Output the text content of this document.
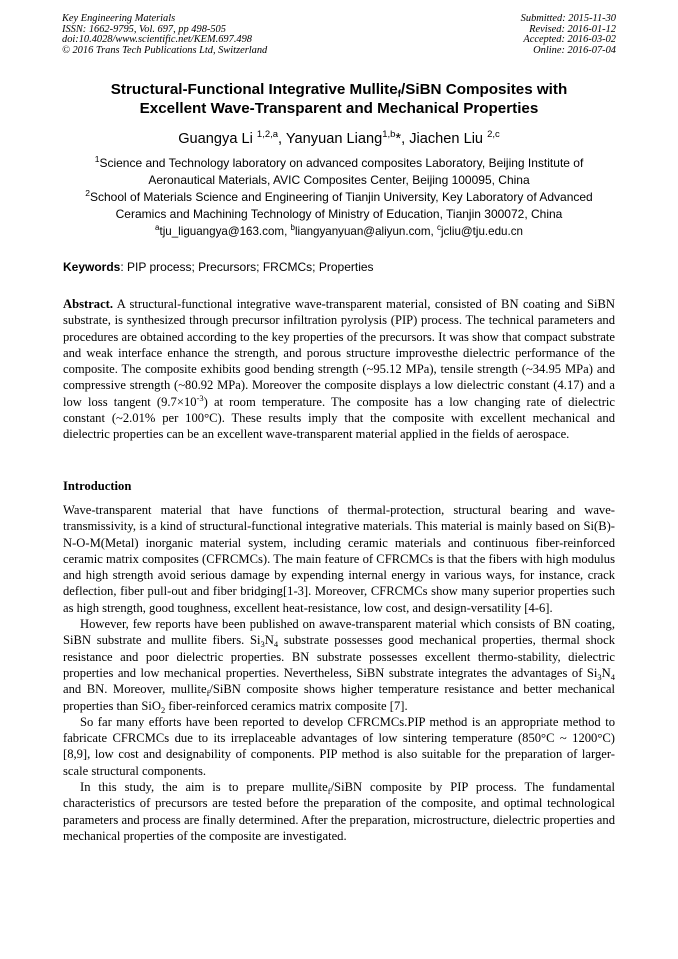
Key Engineering Materials
ISSN: 1662-9795, Vol. 697, pp 498-505
doi:10.4028/www.scientific.net/KEM.697.498
© 2016 Trans Tech Publications Ltd, Switzerland
Submitted: 2015-11-30
Revised: 2016-01-12
Accepted: 2016-03-02
Online: 2016-07-04
Structural-Functional Integrative Mullite$_f$/SiBN Composites with
Excellent Wave-Transparent and Mechanical Properties
Guangya Li $^{1,2,a}$, Yanyuan Liang$^{1,b}$*, Jiachen Liu $^{2,c}$
$^1$Science and Technology laboratory on advanced composites Laboratory, Beijing Institute of
Aeronautical Materials, AVIC Composites Center, Beijing 100095, China
$^2$School of Materials Science and Engineering of Tianjin University, Key Laboratory of Advanced
Ceramics and Machining Technology of Ministry of Education, Tianjin 300072, China
$^a$tju_liguangya@163.com, $^b$liangyanyuan@aliyun.com, $^c$jcliu@tju.edu.cn
Keywords: PIP process; Precursors; FRCMCs; Properties

Abstract. A structural-functional integrative wave-transparent material, consisted of BN coating and SiBN substrate, is synthesized through precursor infiltration pyrolysis (PIP) process. The technical parameters and procedures are obtained according to the key properties of the precursors. It was show that compact substrate and weak interface enhance the strength, and porous structure improvesthe dielectric performance of the composite. The composite exhibits good bending strength (~95.12 MPa), tensile strength (~34.95 MPa) and compressive strength (~80.92 MPa). Moreover the composite displays a low dielectric constant (4.17) and a low loss tangent $(9.7\times 10^{-3})$ at room temperature. The composite has a low changing rate of dielectric constant (~2.01% per 100°C). These results imply that the composite with excellent mechanical and dielectric properties can be an excellent wave-transparent material applied in the fields of aerospace.

Introduction

Wave-transparent material that have functions of thermal-protection, structural bearing and wave-transmissivity, is a kind of structural-functional integrative materials. This material is mainly based on Si(B)-N-O-M(Metal) inorganic material system, including ceramic materials and continuous fiber-reinforced ceramic matrix composites (CFRCMCs). The main feature of CFRCMCs is that the fibers with high modulus and high strength avoid serious damage by expending internal energy in various ways, for instance, crack deflection, fiber pull-out and fiber bridging[1-3]. Moreover, CFRCMCs show many superior properties such as high strength, good toughness, excellent heat-resistance, low cost, and design-versatility [4-6].

However, few reports have been published on awave-transparent material which consists of BN coating, SiBN substrate and mullite fibers. $Si_3N_4$ substrate possesses good mechanical properties, thermal shock resistance and poor dielectric properties. BN substrate possesses excellent thermo-stability, dielectric properties and low mechanical properties. Nevertheless, SiBN substrate integrates the advantages of $Si_3N_4$ and BN. Moreover, mullite$_f$/SiBN composite shows higher temperature resistance and better mechanical properties than SiO$_2$ fiber-reinforced ceramics matrix composite [7].

So far many efforts have been reported to develop CFRCMCs.PIP method is an appropriate method to fabricate CFRCMCs due to its irreplaceable advantages of low sintering temperature (850°C ~ 1200°C) [8,9], low cost and designability of components. PIP method is also suitable for the preparation of larger-scale structural components.

In this study, the aim is to prepare mullite$_f$/SiBN composite by PIP process. The fundamental characteristics of precursors are tested before the preparation of the composite, and optimal technological parameters and process are finally determined. After the preparation, microstructure, dielectric properties and mechanical properties of the composite are investigated.
